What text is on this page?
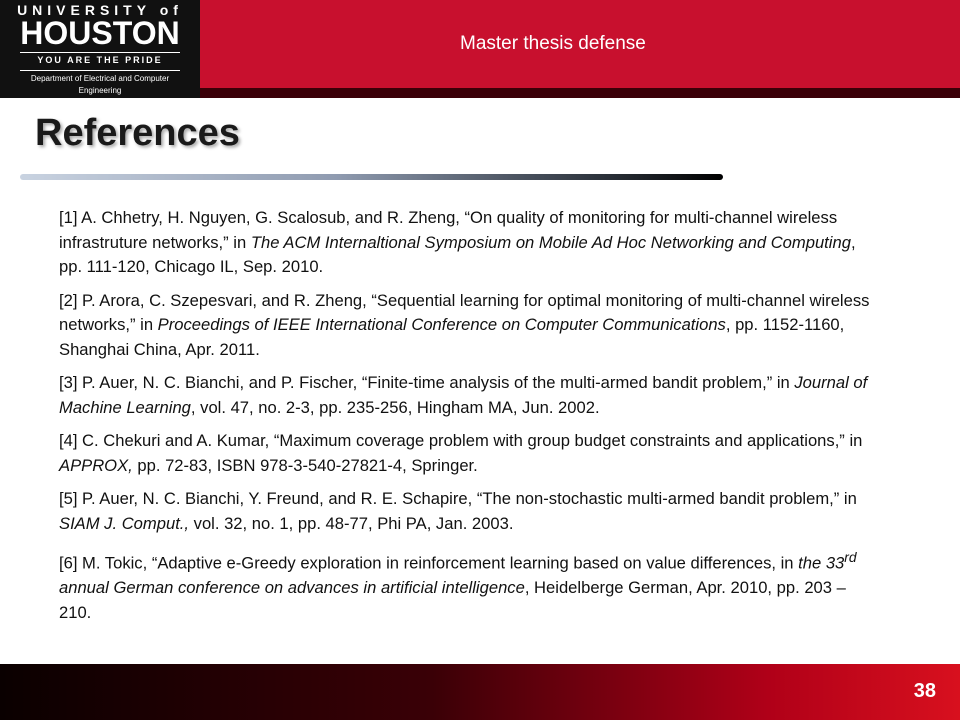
UNIVERSITY of
HOUSTON
YOU ARE THE PRIDE
Department of Electrical and Computer Engineering
Master thesis defense
References

[1] A. Chhetry, H. Nguyen, G. Scalosub, and R. Zheng, “On quality of monitoring for multi-channel wireless infrastruture networks,” in The ACM Internaltional Symposium on Mobile Ad Hoc Networking and Computing, pp. 111-120, Chicago IL, Sep. 2010.

[2] P. Arora, C. Szepesvari, and R. Zheng, “Sequential learning for optimal monitoring of multi-channel wireless networks,” in Proceedings of IEEE International Conference on Computer Communications, pp. 1152-1160, Shanghai China, Apr. 2011.

[3] P. Auer, N. C. Bianchi, and P. Fischer, “Finite-time analysis of the multi-armed bandit problem,” in Journal of Machine Learning, vol. 47, no. 2-3, pp. 235-256, Hingham MA, Jun. 2002.

[4] C. Chekuri and A. Kumar, “Maximum coverage problem with group budget constraints and applications,” in APPROX, pp. 72-83, ISBN 978-3-540-27821-4, Springer.

[5] P. Auer, N. C. Bianchi, Y. Freund, and R. E. Schapire, “The non-stochastic multi-armed bandit problem,” in SIAM J. Comput., vol. 32, no. 1, pp. 48-77, Phi PA, Jan. 2003.

[6] M. Tokic, “Adaptive e-Greedy exploration in reinforcement learning based on value differences, in the 33rd annual German conference on advances in artificial intelligence, Heidelberge German, Apr. 2010, pp. 203 – 210.

38
